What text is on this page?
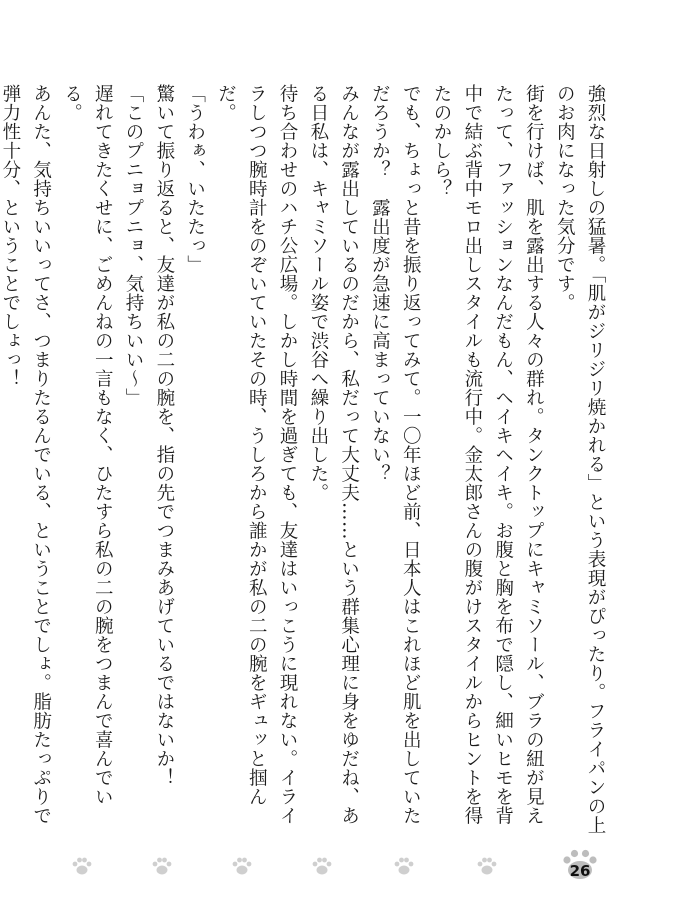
強烈な日射しの猛暑。「肌がジリジリ焼かれる」という表現がぴったり。フライパンの上のお肉になった気分です。

街を行けば、肌を露出する人々の群れ。タンクトップにキャミソール、ブラの紐が見えたって、ファッションなんだもん、ヘイキヘイキ。お腹と胸を布で隠し、細いヒモを背中で結ぶ背中モロ出しスタイルも流行中。金太郎さんの腹がけスタイルからヒントを得たのかしら？

でも、ちょっと昔を振り返ってみて。一〇年ほど前、日本人はこれほど肌を出していただろうか？　露出度が急速に高まっていない？

みんなが露出しているのだから、私だって大丈夫……という群集心理に身をゆだね、ある日私は、キャミソール姿で渋谷へ繰り出した。

待ち合わせのハチ公広場。しかし時間を過ぎても、友達はいっこうに現れない。イライラしつつ腕時計をのぞいていたその時、うしろから誰かが私の二の腕をギュッと掴んだ。

「うわぁ、いたたっ」

驚いて振り返ると、友達が私の二の腕を、指の先でつまみあげているではないか！

「このプニョプニョ、気持ちいい～」

遅れてきたくせに、ごめんねの一言もなく、ひたすら私の二の腕をつまんで喜んでいる。

あんた、気持ちいいってさ、つまりたるんでいる、ということでしょ。脂肪たっぷりで弾力性十分、ということでしょっ！

26
